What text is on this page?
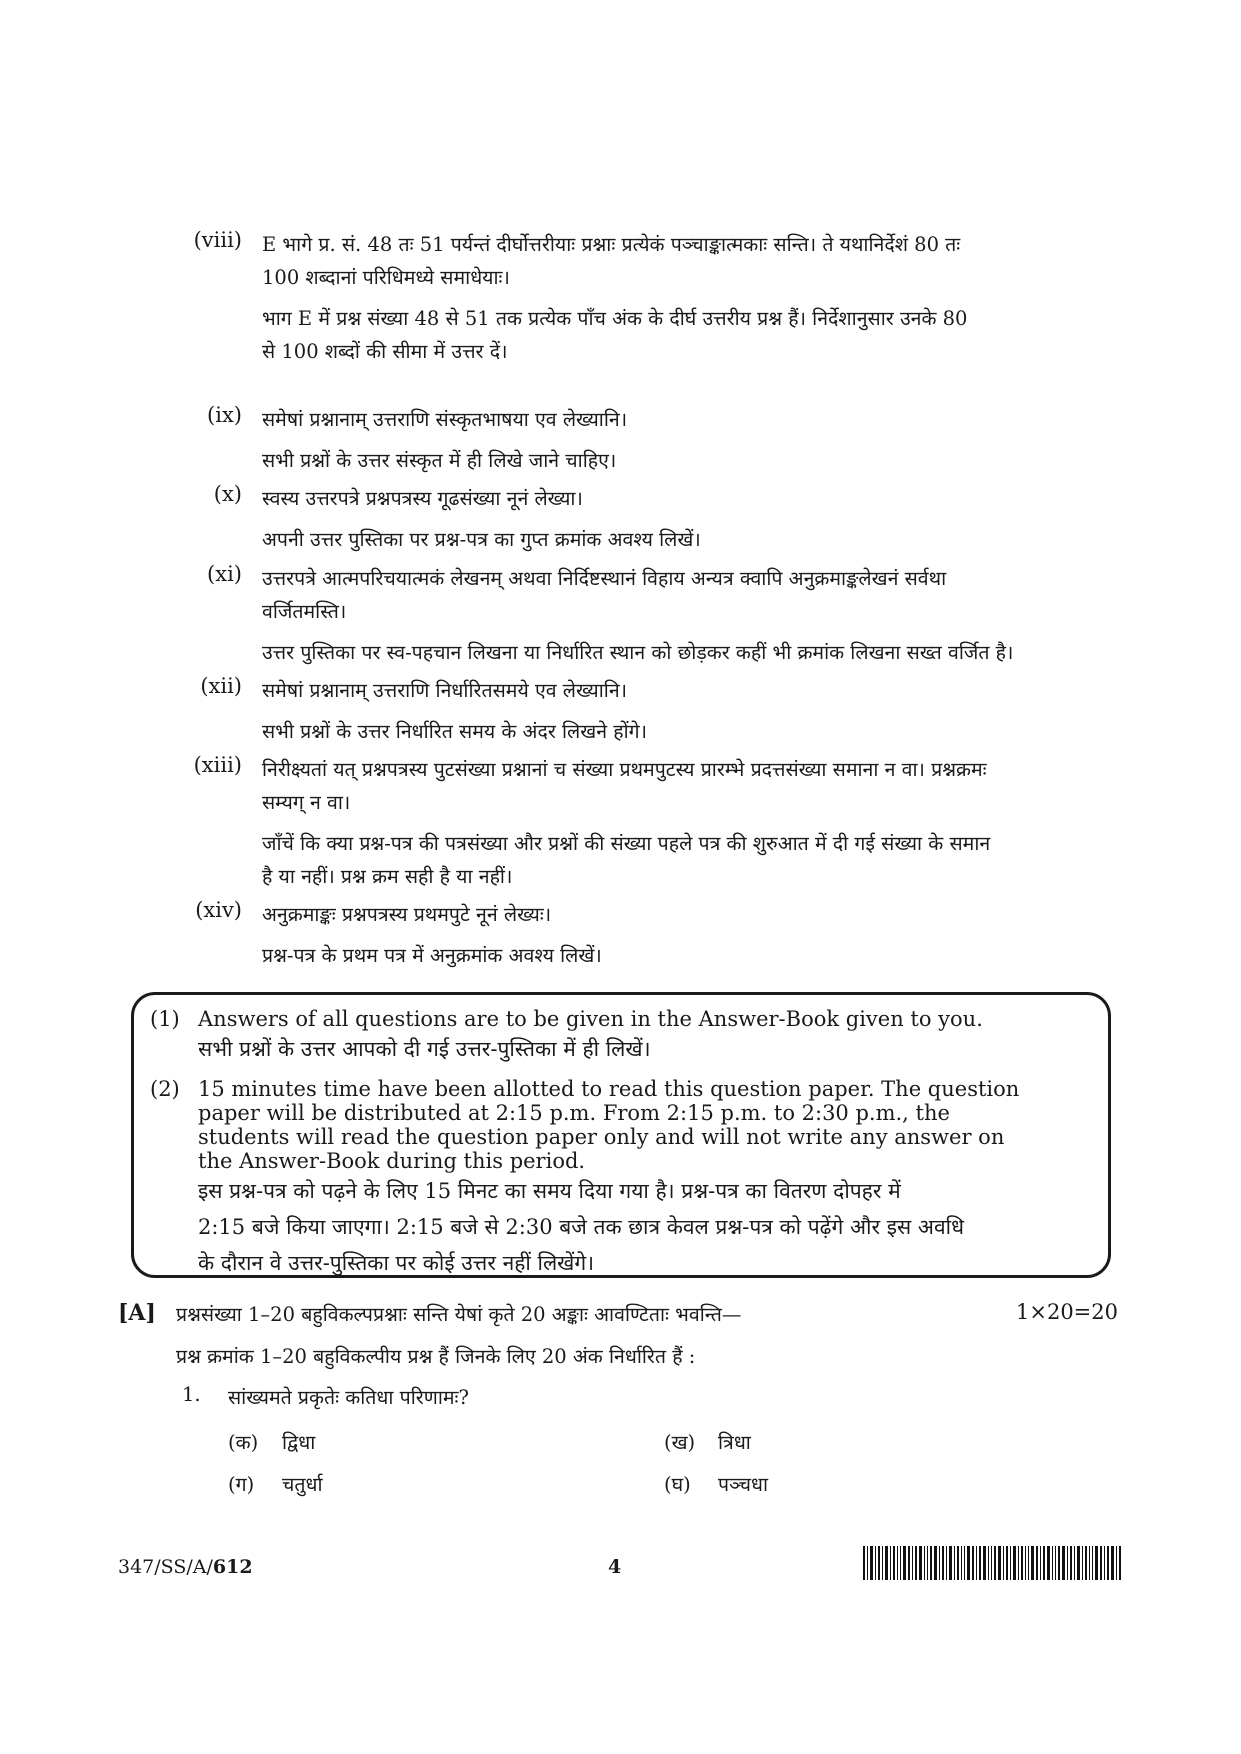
(viii) E भागे प्र. सं. 48 तः 51 पर्यन्तं दीर्घोत्तरीयाः प्रश्नाः प्रत्येकं पञ्चाङ्कात्मकाः सन्ति। ते यथानिर्देशं 80 तः
100 शब्दानां परिधिमध्ये समाधेयाः।
भाग E में प्रश्न संख्या 48 से 51 तक प्रत्येक पाँच अंक के दीर्घ उत्तरीय प्रश्न हैं। निर्देशानुसार उनके 80
से 100 शब्दों की सीमा में उत्तर दें।
(ix) समेषां प्रश्नानाम् उत्तराणि संस्कृतभाषया एव लेख्यानि।
सभी प्रश्नों के उत्तर संस्कृत में ही लिखे जाने चाहिए।
(x) स्वस्य उत्तरपत्रे प्रश्नपत्रस्य गूढसंख्या नूनं लेख्या।
अपनी उत्तर पुस्तिका पर प्रश्न-पत्र का गुप्त क्रमांक अवश्य लिखें।
(xi) उत्तरपत्रे आत्मपरिचयात्मकं लेखनम् अथवा निर्दिष्टस्थानं विहाय अन्यत्र क्वापि अनुक्रमाङ्कलेखनं सर्वथा
वर्जितमस्ति।
उत्तर पुस्तिका पर स्व-पहचान लिखना या निर्धारित स्थान को छोड़कर कहीं भी क्रमांक लिखना सख्त वर्जित है।
(xii) समेषां प्रश्नानाम् उत्तराणि निर्धारितसमये एव लेख्यानि।
सभी प्रश्नों के उत्तर निर्धारित समय के अंदर लिखने होंगे।
(xiii) निरीक्ष्यतां यत् प्रश्नपत्रस्य पुटसंख्या प्रश्नानां च संख्या प्रथमपुटस्य प्रारम्भे प्रदत्तसंख्या समाना न वा। प्रश्नक्रमः
सम्यग् न वा।
जाँचें कि क्या प्रश्न-पत्र की पत्रसंख्या और प्रश्नों की संख्या पहले पत्र की शुरुआत में दी गई संख्या के समान
है या नहीं। प्रश्न क्रम सही है या नहीं।
(xiv) अनुक्रमाङ्कः प्रश्नपत्रस्य प्रथमपुटे नूनं लेख्यः।
प्रश्न-पत्र के प्रथम पत्र में अनुक्रमांक अवश्य लिखें।
(1) Answers of all questions are to be given in the Answer-Book given to you.
सभी प्रश्नों के उत्तर आपको दी गई उत्तर-पुस्तिका में ही लिखें।
(2) 15 minutes time have been allotted to read this question paper. The question
paper will be distributed at 2:15 p.m. From 2:15 p.m. to 2:30 p.m., the
students will read the question paper only and will not write any answer on
the Answer-Book during this period.
इस प्रश्न-पत्र को पढ़ने के लिए 15 मिनट का समय दिया गया है। प्रश्न-पत्र का वितरण दोपहर में
2:15 बजे किया जाएगा। 2:15 बजे से 2:30 बजे तक छात्र केवल प्रश्न-पत्र को पढ़ेंगे और इस अवधि
के दौरान वे उत्तर-पुस्तिका पर कोई उत्तर नहीं लिखेंगे।
[A] प्रश्नसंख्या 1–20 बहुविकल्पप्रश्नाः सन्ति येषां कृते 20 अङ्काः आवण्टिताः भवन्ति—	1×20=20
प्रश्न क्रमांक 1–20 बहुविकल्पीय प्रश्न हैं जिनके लिए 20 अंक निर्धारित हैं :
1. सांख्यमते प्रकृतेः कतिधा परिणामः?
(क) द्विधा	(ख) त्रिधा
(ग) चतुर्धा	(घ) पञ्चधा
347/SS/A/612	4
